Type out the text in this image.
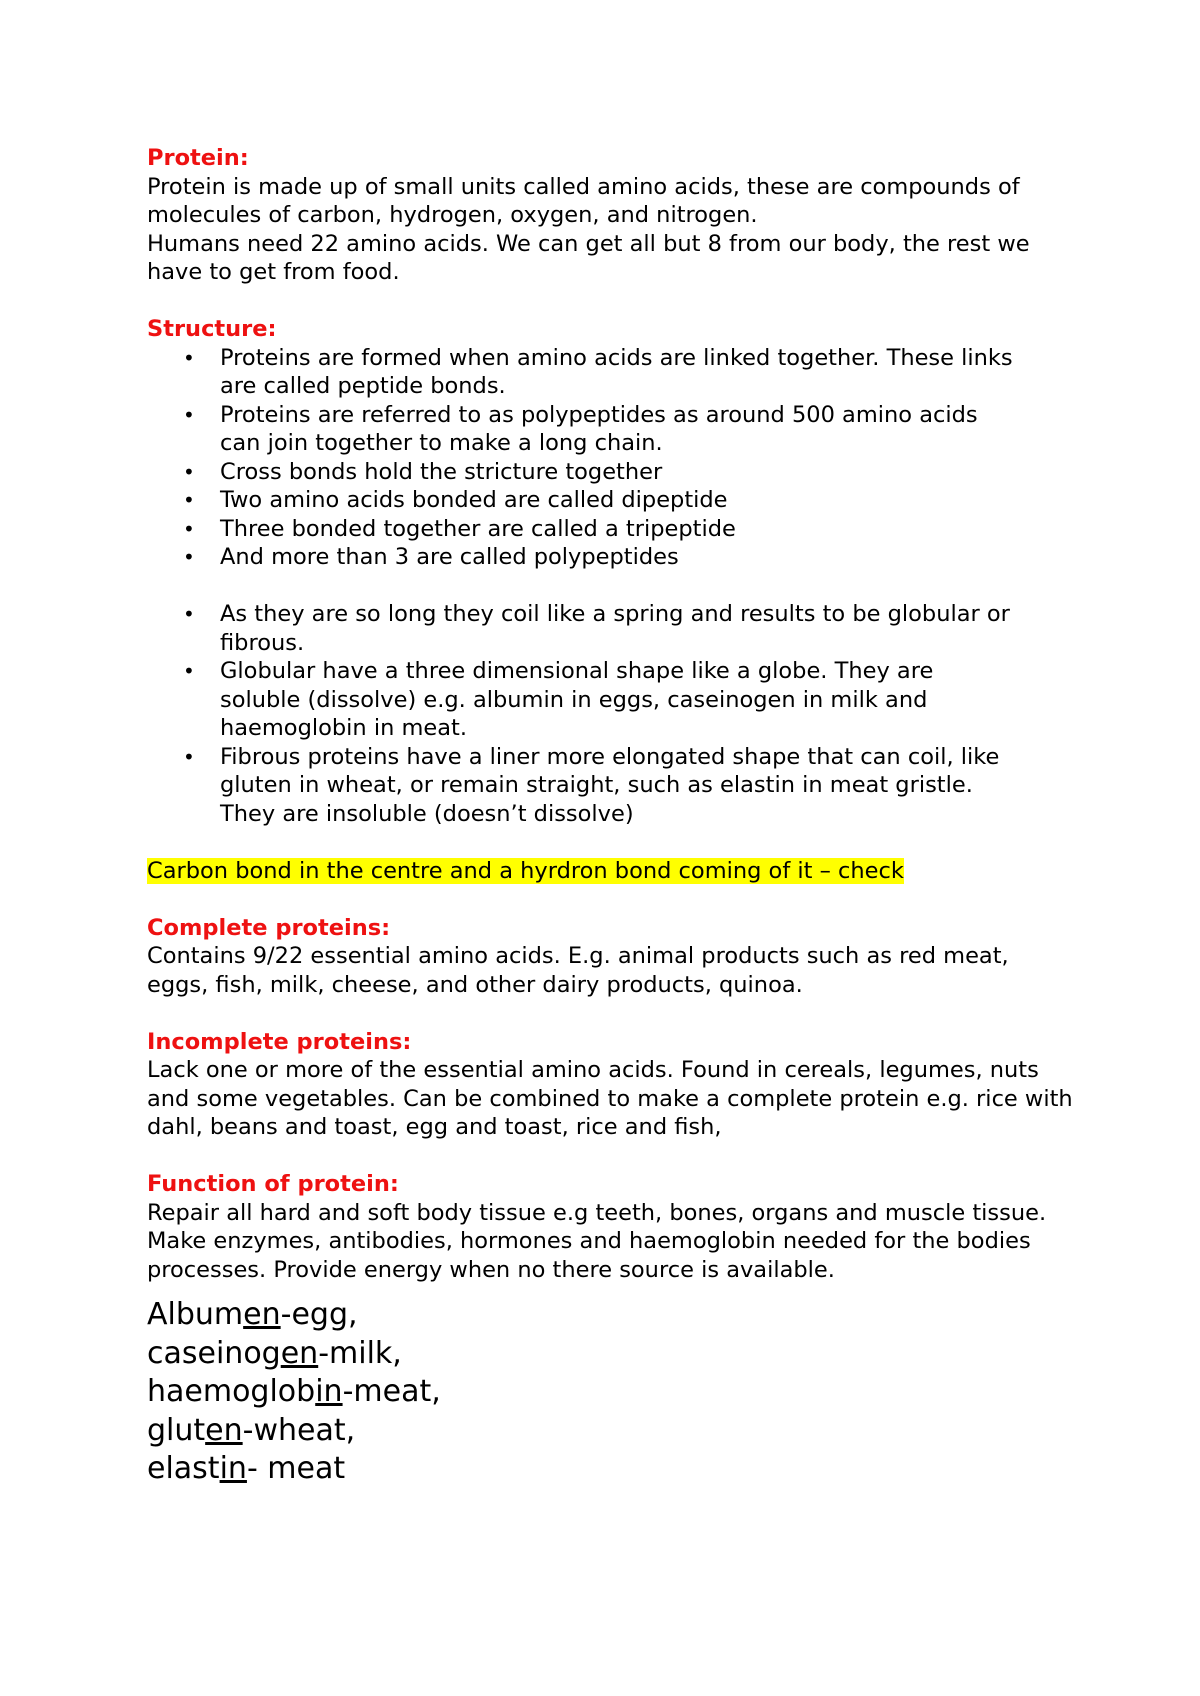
Protein:

Protein is made up of small units called amino acids, these are compounds of molecules of carbon, hydrogen, oxygen, and nitrogen.

Humans need 22 amino acids. We can get all but 8 from our body, the rest we have to get from food.

Structure:
• Proteins are formed when amino acids are linked together. These links are called peptide bonds.
• Proteins are referred to as polypeptides as around 500 amino acids can join together to make a long chain.
• Cross bonds hold the stricture together
• Two amino acids bonded are called dipeptide
• Three bonded together are called a tripeptide
• And more than 3 are called polypeptides
• As they are so long they coil like a spring and results to be globular or fibrous.
• Globular have a three dimensional shape like a globe. They are soluble (dissolve) e.g. albumin in eggs, caseinogen in milk and haemoglobin in meat.
• Fibrous proteins have a liner more elongated shape that can coil, like gluten in wheat, or remain straight, such as elastin in meat gristle. They are insoluble (doesn’t dissolve)
Carbon bond in the centre and a hyrdron bond coming of it – check
Complete proteins:

Contains 9/22 essential amino acids. E.g. animal products such as red meat, eggs, fish, milk, cheese, and other dairy products, quinoa.

Incomplete proteins:

Lack one or more of the essential amino acids. Found in cereals, legumes, nuts and some vegetables. Can be combined to make a complete protein e.g. rice with dahl, beans and toast, egg and toast, rice and fish,

Function of protein:

Repair all hard and soft body tissue e.g teeth, bones, organs and muscle tissue. Make enzymes, antibodies, hormones and haemoglobin needed for the bodies processes. Provide energy when no there source is available.

Albumen-egg,
caseinogen-milk,
haemoglobin-meat,
gluten-wheat,
elastin- meat
